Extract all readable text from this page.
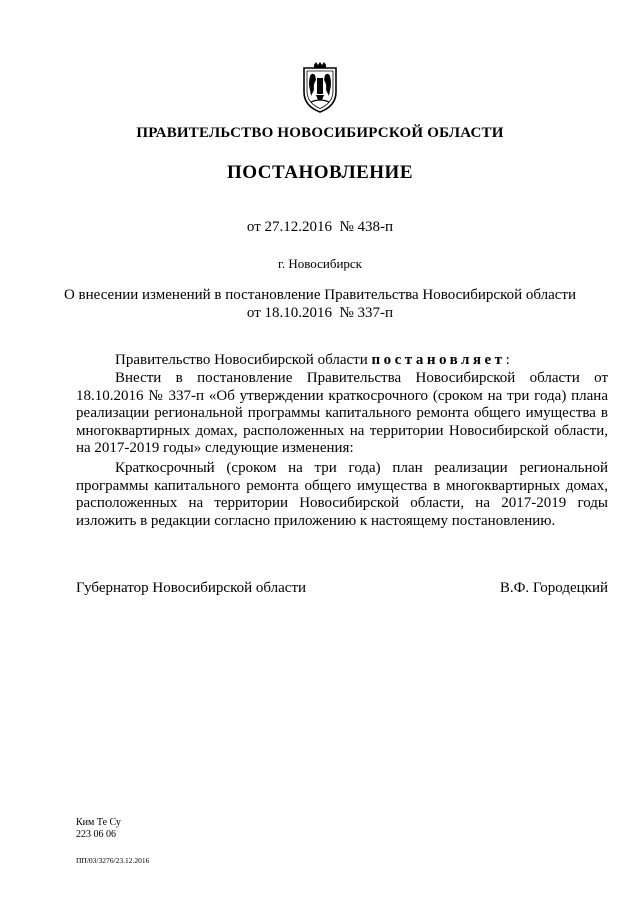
ПРАВИТЕЛЬСТВО НОВОСИБИРСКОЙ ОБЛАСТИ
ПОСТАНОВЛЕНИЕ
от 27.12.2016  № 438-п
г. Новосибирск
О внесении изменений в постановление Правительства Новосибирской области
от 18.10.2016  № 337-п
Правительство Новосибирской области постановляет:
Внести в постановление Правительства Новосибирской области от 18.10.2016 № 337-п «Об утверждении краткосрочного (сроком на три года) плана реализации региональной программы капитального ремонта общего имущества в многоквартирных домах, расположенных на территории Новосибирской области, на 2017-2019 годы» следующие изменения:
Краткосрочный (сроком на три года) план реализации региональной программы капитального ремонта общего имущества в многоквартирных домах, расположенных на территории Новосибирской области, на 2017-2019 годы изложить в редакции согласно приложению к настоящему постановлению.
Губернатор Новосибирской области	В.Ф. Городецкий
Ким Те Су
223 06 06
ПП/03/3276/23.12.2016
